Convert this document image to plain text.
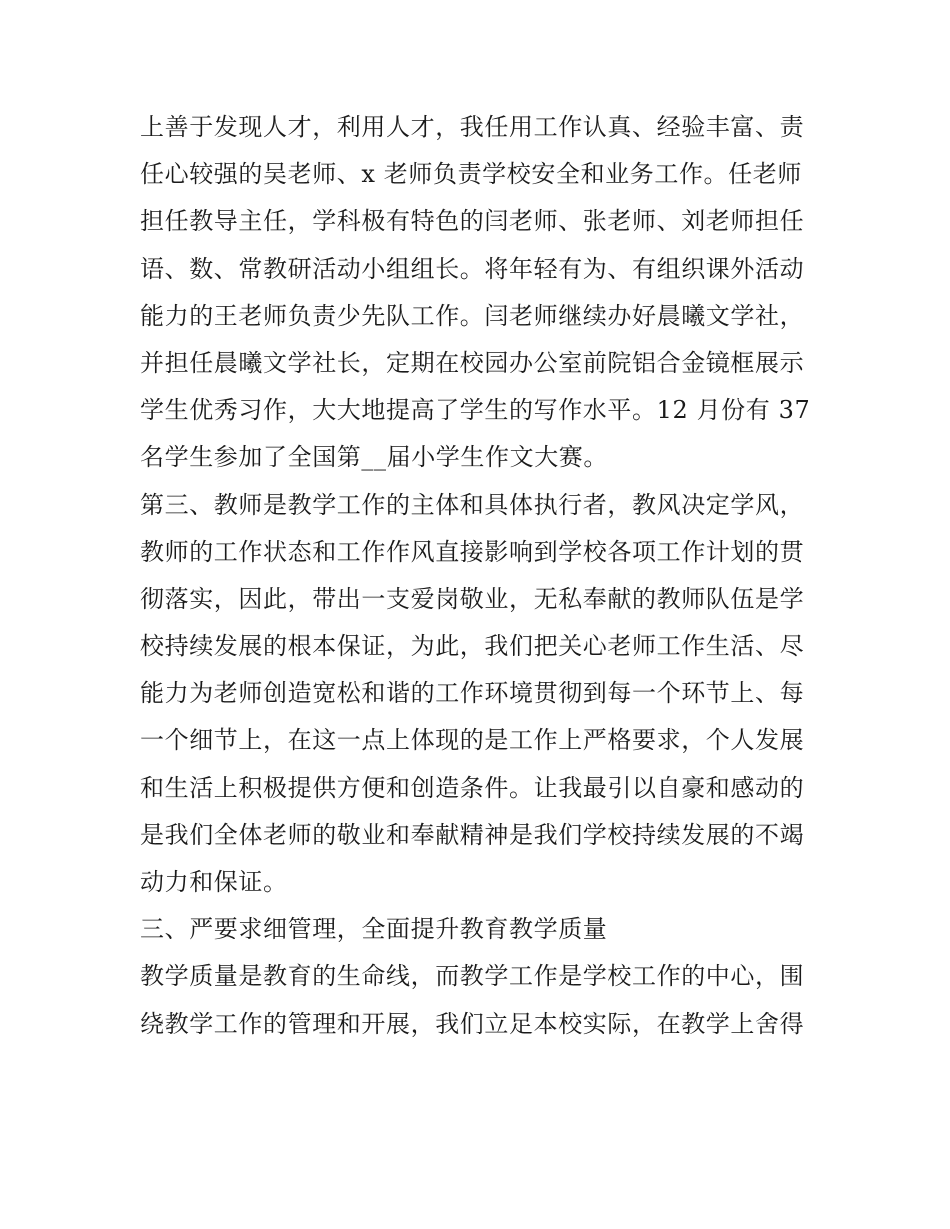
上善于发现人才，利用人才，我任用工作认真、经验丰富、责
任心较强的吴老师、x 老师负责学校安全和业务工作。任老师
担任教导主任，学科极有特色的闫老师、张老师、刘老师担任
语、数、常教研活动小组组长。将年轻有为、有组织课外活动
能力的王老师负责少先队工作。闫老师继续办好晨曦文学社，
并担任晨曦文学社长，定期在校园办公室前院铝合金镜框展示
学生优秀习作，大大地提高了学生的写作水平。12 月份有 37
名学生参加了全国第__届小学生作文大赛。
第三、教师是教学工作的主体和具体执行者，教风决定学风，
教师的工作状态和工作作风直接影响到学校各项工作计划的贯
彻落实，因此，带出一支爱岗敬业，无私奉献的教师队伍是学
校持续发展的根本保证，为此，我们把关心老师工作生活、尽
能力为老师创造宽松和谐的工作环境贯彻到每一个环节上、每
一个细节上，在这一点上体现的是工作上严格要求，个人发展
和生活上积极提供方便和创造条件。让我最引以自豪和感动的
是我们全体老师的敬业和奉献精神是我们学校持续发展的不竭
动力和保证。
三、严要求细管理，全面提升教育教学质量
教学质量是教育的生命线，而教学工作是学校工作的中心，围
绕教学工作的管理和开展，我们立足本校实际，在教学上舍得
